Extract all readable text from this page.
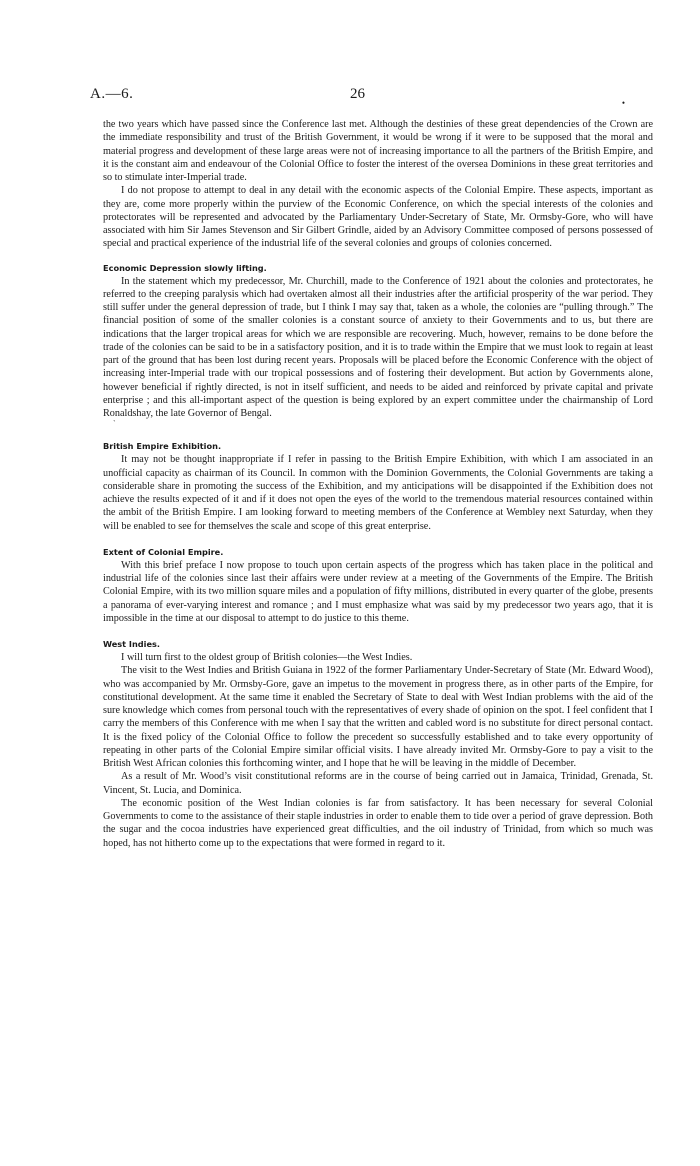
A.—6.	26
•

the two years which have passed since the Conference last met. Although the destinies of these great dependencies of the Crown are the immediate responsibility and trust of the British Government, it would be wrong if it were to be supposed that the moral and material progress and development of these large areas were not of increasing importance to all the partners of the British Empire, and it is the constant aim and endeavour of the Colonial Office to foster the interest of the oversea Dominions in these great territories and so to stimulate inter-Imperial trade.

I do not propose to attempt to deal in any detail with the economic aspects of the Colonial Empire. These aspects, important as they are, come more properly within the purview of the Economic Conference, on which the special interests of the colonies and protectorates will be represented and advocated by the Parliamentary Under-Secretary of State, Mr. Ormsby-Gore, who will have associated with him Sir James Stevenson and Sir Gilbert Grindle, aided by an Advisory Committee composed of persons possessed of special and practical experience of the industrial life of the several colonies and groups of colonies concerned.

Economic Depression slowly lifting.

In the statement which my predecessor, Mr. Churchill, made to the Conference of 1921 about the colonies and protectorates, he referred to the creeping paralysis which had overtaken almost all their industries after the artificial prosperity of the war period. They still suffer under the general depression of trade, but I think I may say that, taken as a whole, the colonies are “pulling through.” The financial position of some of the smaller colonies is a constant source of anxiety to their Governments and to us, but there are indications that the larger tropical areas for which we are responsible are recovering. Much, however, remains to be done before the trade of the colonies can be said to be in a satisfactory position, and it is to trade within the Empire that we must look to regain at least part of the ground that has been lost during recent years. Proposals will be placed before the Economic Conference with the object of increasing inter-Imperial trade with our tropical possessions and of fostering their development. But action by Governments alone, however beneficial if rightly directed, is not in itself sufficient, and needs to be aided and reinforced by private capital and private enterprise ; and this all-important aspect of the question is being explored by an expert committee under the chairmanship of Lord Ronaldshay, the late Governor of Bengal.

`
British Empire Exhibition.

It may not be thought inappropriate if I refer in passing to the British Empire Exhibition, with which I am associated in an unofficial capacity as chairman of its Council. In common with the Dominion Governments, the Colonial Governments are taking a considerable share in promoting the success of the Exhibition, and my anticipations will be disappointed if the Exhibition does not achieve the results expected of it and if it does not open the eyes of the world to the tremendous material resources contained within the ambit of the British Empire. I am looking forward to meeting members of the Conference at Wembley next Saturday, when they will be enabled to see for themselves the scale and scope of this great enterprise.

Extent of Colonial Empire.

With this brief preface I now propose to touch upon certain aspects of the progress which has taken place in the political and industrial life of the colonies since last their affairs were under review at a meeting of the Governments of the Empire. The British Colonial Empire, with its two million square miles and a population of fifty millions, distributed in every quarter of the globe, presents a panorama of ever-varying interest and romance ; and I must emphasize what was said by my predecessor two years ago, that it is impossible in the time at our disposal to attempt to do justice to this theme.

West Indies.

I will turn first to the oldest group of British colonies—the West Indies.

The visit to the West Indies and British Guiana in 1922 of the former Parliamentary Under-Secretary of State (Mr. Edward Wood), who was accompanied by Mr. Ormsby-Gore, gave an impetus to the movement in progress there, as in other parts of the Empire, for constitutional development. At the same time it enabled the Secretary of State to deal with West Indian problems with the aid of the sure knowledge which comes from personal touch with the representatives of every shade of opinion on the spot. I feel confident that I carry the members of this Conference with me when I say that the written and cabled word is no substitute for direct personal contact. It is the fixed policy of the Colonial Office to follow the precedent so successfully established and to take every opportunity of repeating in other parts of the Colonial Empire similar official visits. I have already invited Mr. Ormsby-Gore to pay a visit to the British West African colonies this forthcoming winter, and I hope that he will be leaving in the middle of December.

As a result of Mr. Wood’s visit constitutional reforms are in the course of being carried out in Jamaica, Trinidad, Grenada, St. Vincent, St. Lucia, and Dominica.

The economic position of the West Indian colonies is far from satisfactory. It has been necessary for several Colonial Governments to come to the assistance of their staple industries in order to enable them to tide over a period of grave depression. Both the sugar and the cocoa industries have experienced great difficulties, and the oil industry of Trinidad, from which so much was hoped, has not hitherto come up to the expectations that were formed in regard to it.
